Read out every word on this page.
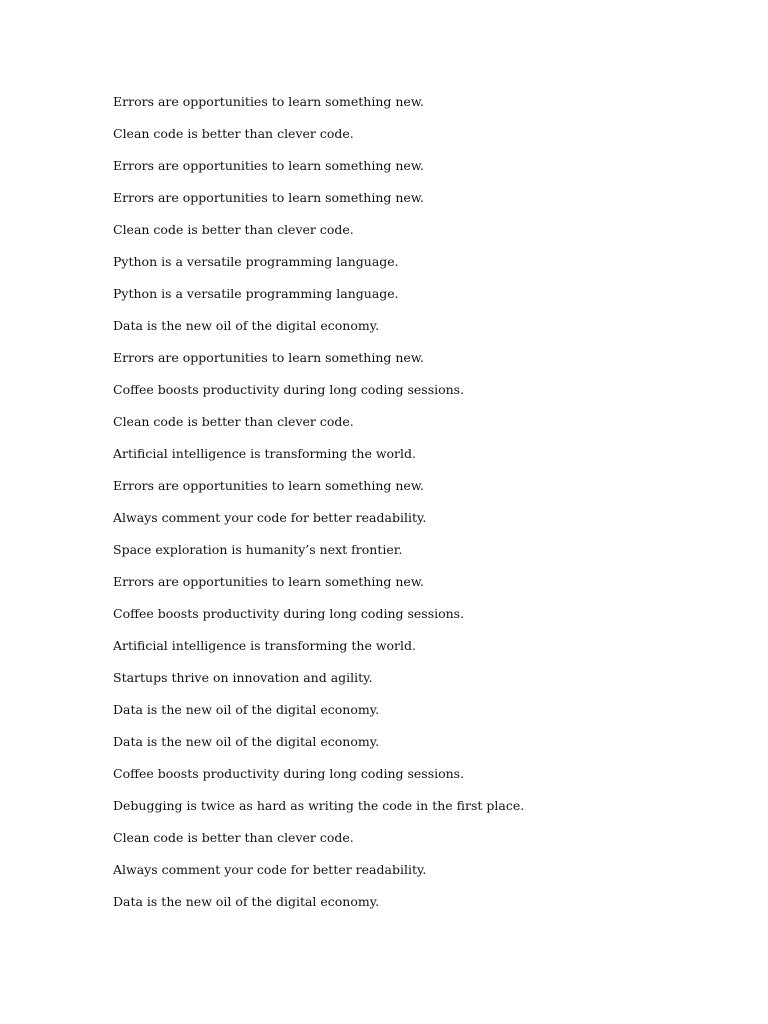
Errors are opportunities to learn something new.
Clean code is better than clever code.
Errors are opportunities to learn something new.
Errors are opportunities to learn something new.
Clean code is better than clever code.
Python is a versatile programming language.
Python is a versatile programming language.
Data is the new oil of the digital economy.
Errors are opportunities to learn something new.
Coffee boosts productivity during long coding sessions.
Clean code is better than clever code.
Artificial intelligence is transforming the world.
Errors are opportunities to learn something new.
Always comment your code for better readability.
Space exploration is humanity’s next frontier.
Errors are opportunities to learn something new.
Coffee boosts productivity during long coding sessions.
Artificial intelligence is transforming the world.
Startups thrive on innovation and agility.
Data is the new oil of the digital economy.
Data is the new oil of the digital economy.
Coffee boosts productivity during long coding sessions.
Debugging is twice as hard as writing the code in the first place.
Clean code is better than clever code.
Always comment your code for better readability.
Data is the new oil of the digital economy.
